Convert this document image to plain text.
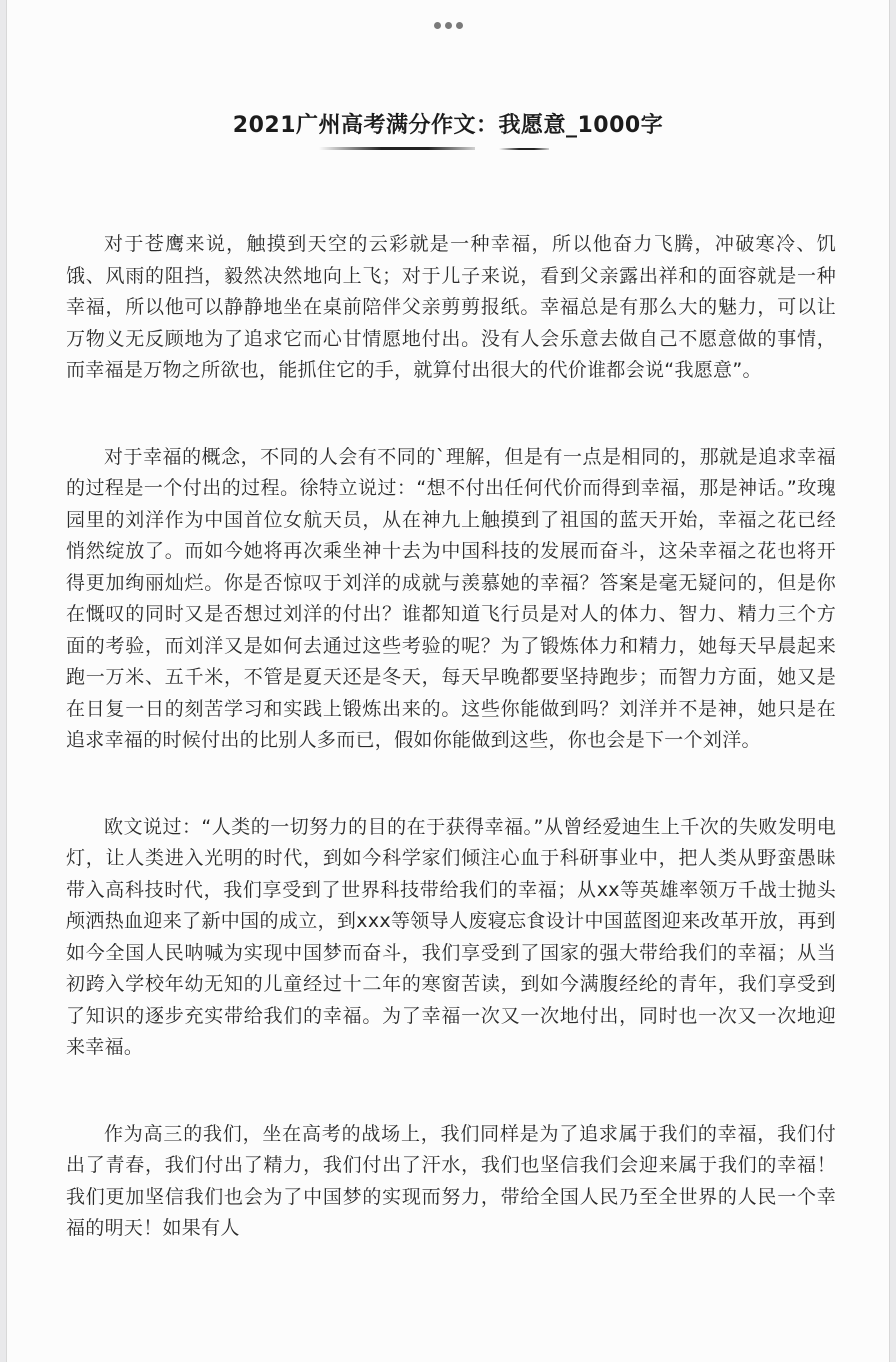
2021广州高考满分作文：我愿意_1000字

对于苍鹰来说，触摸到天空的云彩就是一种幸福，所以他奋力飞腾，冲破寒冷、饥饿、风雨的阻挡，毅然决然地向上飞；对于儿子来说，看到父亲露出祥和的面容就是一种幸福，所以他可以静静地坐在桌前陪伴父亲剪剪报纸。幸福总是有那么大的魅力，可以让万物义无反顾地为了追求它而心甘情愿地付出。没有人会乐意去做自己不愿意做的事情，而幸福是万物之所欲也，能抓住它的手，就算付出很大的代价谁都会说“我愿意”。

对于幸福的概念，不同的人会有不同的`理解，但是有一点是相同的，那就是追求幸福的过程是一个付出的过程。徐特立说过：“想不付出任何代价而得到幸福，那是神话。”玫瑰园里的刘洋作为中国首位女航天员，从在神九上触摸到了祖国的蓝天开始，幸福之花已经悄然绽放了。而如今她将再次乘坐神十去为中国科技的发展而奋斗，这朵幸福之花也将开得更加绚丽灿烂。你是否惊叹于刘洋的成就与羡慕她的幸福？答案是毫无疑问的，但是你在慨叹的同时又是否想过刘洋的付出？谁都知道飞行员是对人的体力、智力、精力三个方面的考验，而刘洋又是如何去通过这些考验的呢？为了锻炼体力和精力，她每天早晨起来跑一万米、五千米，不管是夏天还是冬天，每天早晚都要坚持跑步；而智力方面，她又是在日复一日的刻苦学习和实践上锻炼出来的。这些你能做到吗？刘洋并不是神，她只是在追求幸福的时候付出的比别人多而已，假如你能做到这些，你也会是下一个刘洋。

欧文说过：“人类的一切努力的目的在于获得幸福。”从曾经爱迪生上千次的失败发明电灯，让人类进入光明的时代，到如今科学家们倾注心血于科研事业中，把人类从野蛮愚昧带入高科技时代，我们享受到了世界科技带给我们的幸福；从xx等英雄率领万千战士抛头颅洒热血迎来了新中国的成立，到xxx等领导人废寝忘食设计中国蓝图迎来改革开放，再到如今全国人民呐喊为实现中国梦而奋斗，我们享受到了国家的强大带给我们的幸福；从当初跨入学校年幼无知的儿童经过十二年的寒窗苦读，到如今满腹经纶的青年，我们享受到了知识的逐步充实带给我们的幸福。为了幸福一次又一次地付出，同时也一次又一次地迎来幸福。

作为高三的我们，坐在高考的战场上，我们同样是为了追求属于我们的幸福，我们付出了青春，我们付出了精力，我们付出了汗水，我们也坚信我们会迎来属于我们的幸福！我们更加坚信我们也会为了中国梦的实现而努力，带给全国人民乃至全世界的人民一个幸福的明天！如果有人
